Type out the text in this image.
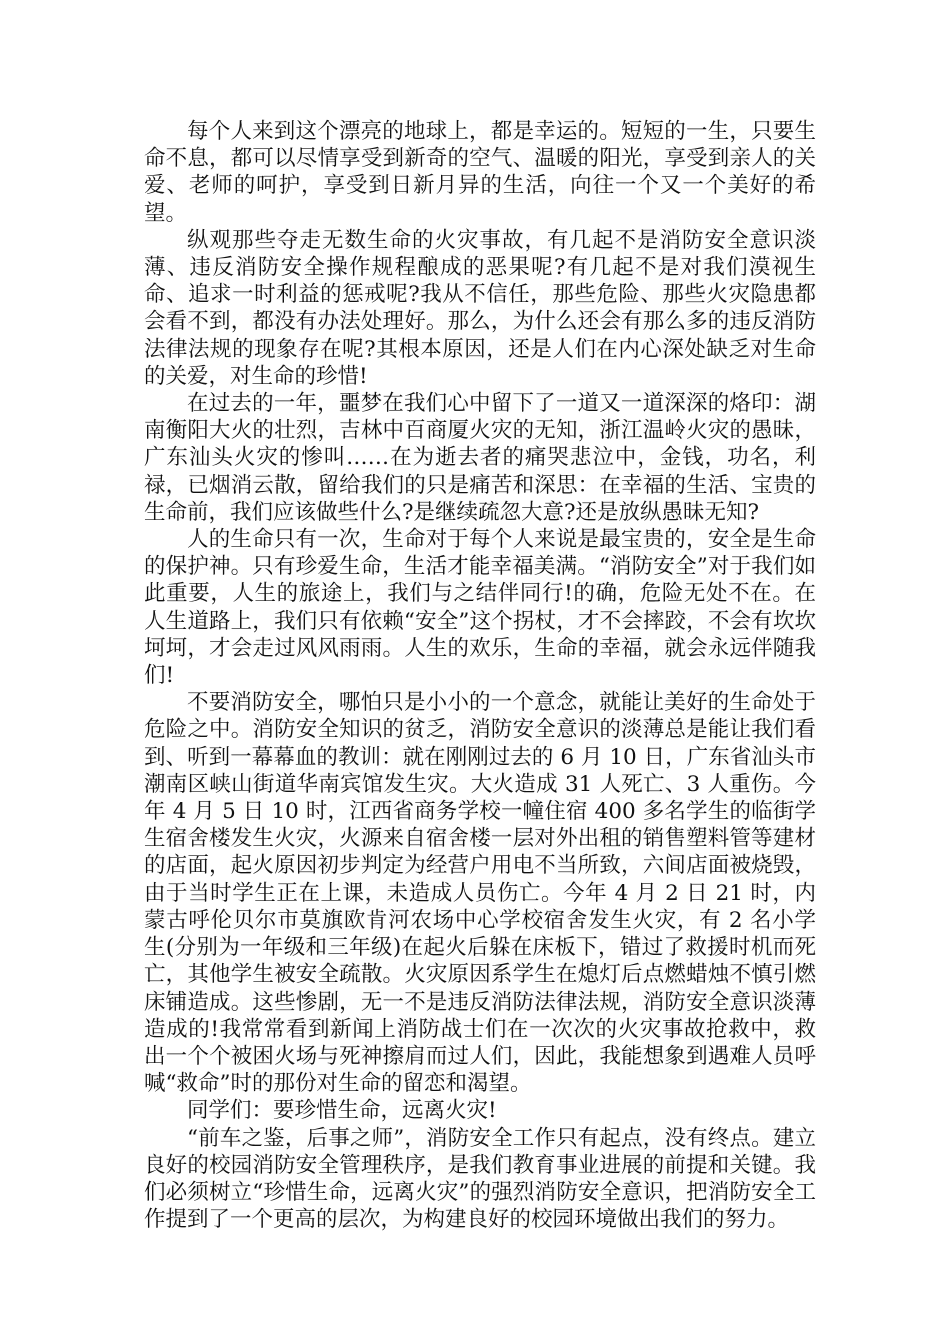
每个人来到这个漂亮的地球上，都是幸运的。短短的一生，只要生命不息，都可以尽情享受到新奇的空气、温暖的阳光，享受到亲人的关爱、老师的呵护，享受到日新月异的生活，向往一个又一个美好的希望。

纵观那些夺走无数生命的火灾事故，有几起不是消防安全意识淡薄、违反消防安全操作规程酿成的恶果呢?有几起不是对我们漠视生命、追求一时利益的惩戒呢?我从不信任，那些危险、那些火灾隐患都会看不到，都没有办法处理好。那么，为什么还会有那么多的违反消防法律法规的现象存在呢?其根本原因，还是人们在内心深处缺乏对生命的关爱，对生命的珍惜!

在过去的一年，噩梦在我们心中留下了一道又一道深深的烙印：湖南衡阳大火的壮烈，吉林中百商厦火灾的无知，浙江温岭火灾的愚昧，广东汕头火灾的惨叫……在为逝去者的痛哭悲泣中，金钱，功名，利禄，已烟消云散，留给我们的只是痛苦和深思：在幸福的生活、宝贵的生命前，我们应该做些什么?是继续疏忽大意?还是放纵愚昧无知?

人的生命只有一次，生命对于每个人来说是最宝贵的，安全是生命的保护神。只有珍爱生命，生活才能幸福美满。“消防安全”对于我们如此重要，人生的旅途上，我们与之结伴同行!的确，危险无处不在。在人生道路上，我们只有依赖“安全”这个拐杖，才不会摔跤，不会有坎坎坷坷，才会走过风风雨雨。人生的欢乐，生命的幸福，就会永远伴随我们!

不要消防安全，哪怕只是小小的一个意念，就能让美好的生命处于危险之中。消防安全知识的贫乏，消防安全意识的淡薄总是能让我们看到、听到一幕幕血的教训：就在刚刚过去的 6 月 10 日，广东省汕头市潮南区峡山街道华南宾馆发生灾。大火造成 31 人死亡、3 人重伤。今年 4 月 5 日 10 时，江西省商务学校一幢住宿 400 多名学生的临街学生宿舍楼发生火灾，火源来自宿舍楼一层对外出租的销售塑料管等建材的店面，起火原因初步判定为经营户用电不当所致，六间店面被烧毁，由于当时学生正在上课，未造成人员伤亡。今年 4 月 2 日 21 时，内蒙古呼伦贝尔市莫旗欧肯河农场中心学校宿舍发生火灾，有 2 名小学生(分别为一年级和三年级)在起火后躲在床板下，错过了救援时机而死亡，其他学生被安全疏散。火灾原因系学生在熄灯后点燃蜡烛不慎引燃床铺造成。这些惨剧，无一不是违反消防法律法规，消防安全意识淡薄造成的!我常常看到新闻上消防战士们在一次次的火灾事故抢救中，救出一个个被困火场与死神擦肩而过人们，因此，我能想象到遇难人员呼喊“救命”时的那份对生命的留恋和渴望。

同学们：要珍惜生命，远离火灾!

“前车之鉴，后事之师”，消防安全工作只有起点，没有终点。建立良好的校园消防安全管理秩序，是我们教育事业进展的前提和关键。我们必须树立“珍惜生命，远离火灾”的强烈消防安全意识，把消防安全工作提到了一个更高的层次，为构建良好的校园环境做出我们的努力。
